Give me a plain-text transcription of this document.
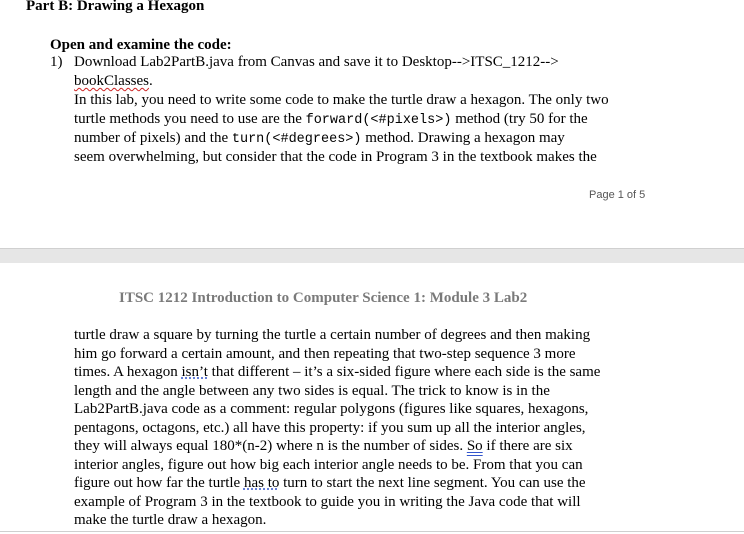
Part B: Drawing a Hexagon
Open and examine the code:
1) Download Lab2PartB.java from Canvas and save it to Desktop-->ITSC_1212-->
bookClasses.
In this lab, you need to write some code to make the turtle draw a hexagon. The only two
turtle methods you need to use are the forward(<#pixels>) method (try 50 for the
number of pixels) and the turn(<#degrees>) method. Drawing a hexagon may
seem overwhelming, but consider that the code in Program 3 in the textbook makes the
Page 1 of 5
ITSC 1212 Introduction to Computer Science 1: Module 3 Lab2
turtle draw a square by turning the turtle a certain number of degrees and then making
him go forward a certain amount, and then repeating that two-step sequence 3 more
times. A hexagon isn’t that different – it’s a six-sided figure where each side is the same
length and the angle between any two sides is equal. The trick to know is in the
Lab2PartB.java code as a comment: regular polygons (figures like squares, hexagons,
pentagons, octagons, etc.) all have this property: if you sum up all the interior angles,
they will always equal 180*(n-2) where n is the number of sides. So if there are six
interior angles, figure out how big each interior angle needs to be. From that you can
figure out how far the turtle has to turn to start the next line segment. You can use the
example of Program 3 in the textbook to guide you in writing the Java code that will
make the turtle draw a hexagon.
